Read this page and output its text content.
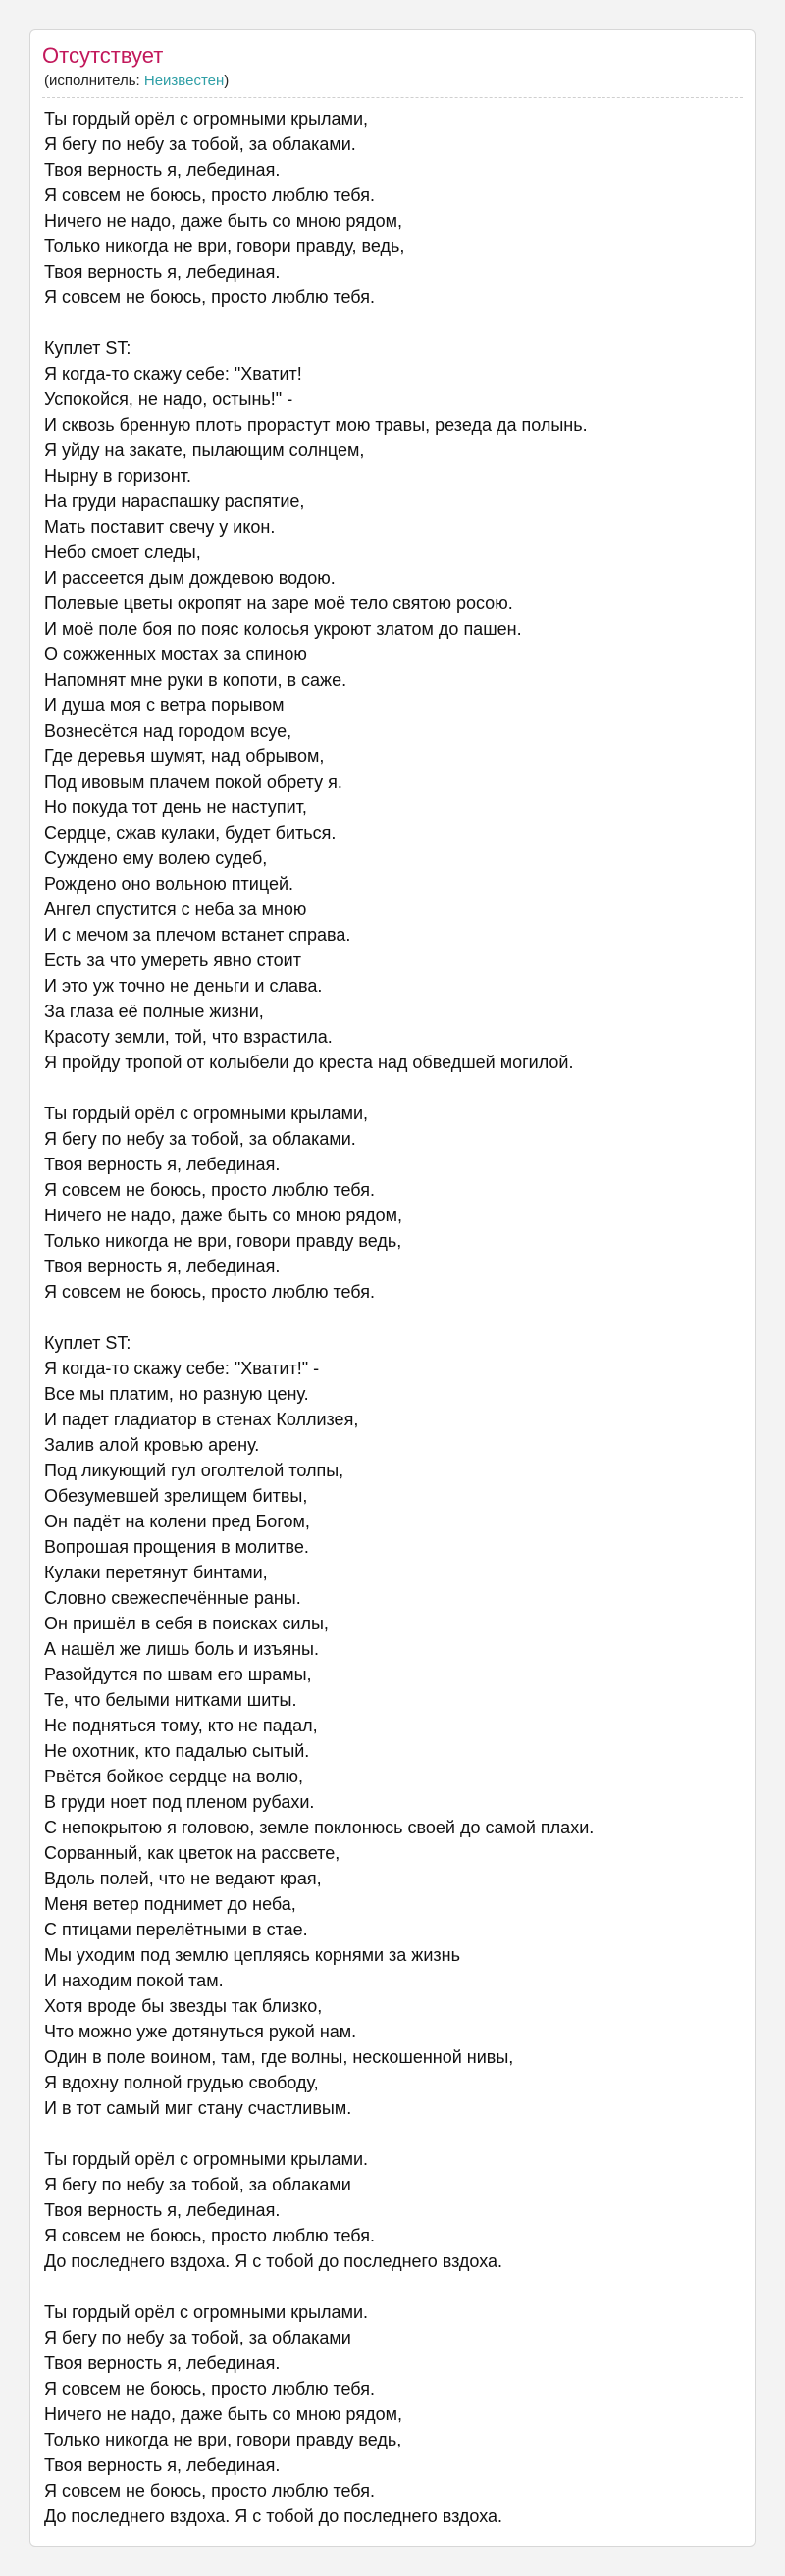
Отсутствует
(исполнитель: Неизвестен)
Ты гордый орёл с огромными крылами,
Я бегу по небу за тобой, за облаками.
Твоя верность я, лебединая.
Я совсем не боюсь, просто люблю тебя.
Ничего не надо, даже быть со мною рядом,
Только никогда не ври, говори правду, ведь,
Твоя верность я, лебединая.
Я совсем не боюсь, просто люблю тебя.
Куплет ST:
Я когда-то скажу себе: "Хватит!
Успокойся, не надо, остынь!" -
И сквозь бренную плоть прорастут мою травы, резеда да полынь.
Я уйду на закате, пылающим солнцем,
Нырну в горизонт.
На груди нараспашку распятие,
Мать поставит свечу у икон.
Небо смоет следы,
И рассеется дым дождевою водою.
Полевые цветы окропят на заре моё тело святою росою.
И моё поле боя по пояс колосья укроют златом до пашен.
О сожженных мостах за спиною
Напомнят мне руки в копоти, в саже.
И душа моя с ветра порывом
Вознесётся над городом всуе,
Где деревья шумят, над обрывом,
Под ивовым плачем покой обрету я.
Но покуда тот день не наступит,
Сердце, сжав кулаки, будет биться.
Суждено ему волею судеб,
Рождено оно вольною птицей.
Ангел спустится с неба за мною
И с мечом за плечом встанет справа.
Есть за что умереть явно стоит
И это уж точно не деньги и слава.
За глаза её полные жизни,
Красоту земли, той, что взрастила.
Я пройду тропой от колыбели до креста над обведшей могилой.
Ты гордый орёл с огромными крылами,
Я бегу по небу за тобой, за облаками.
Твоя верность я, лебединая.
Я совсем не боюсь, просто люблю тебя.
Ничего не надо, даже быть со мною рядом,
Только никогда не ври, говори правду ведь,
Твоя верность я, лебединая.
Я совсем не боюсь, просто люблю тебя.
Куплет ST:
Я когда-то скажу себе: "Хватит!" -
Все мы платим, но разную цену.
И падет гладиатор в стенах Коллизея,
Залив алой кровью арену.
Под ликующий гул оголтелой толпы,
Обезумевшей зрелищем битвы,
Он падёт на колени пред Богом,
Вопрошая прощения в молитве.
Кулаки перетянут бинтами,
Словно свежеспечённые раны.
Он пришёл в себя в поисках силы,
А нашёл же лишь боль и изъяны.
Разойдутся по швам его шрамы,
Те, что белыми нитками шиты.
Не подняться тому, кто не падал,
Не охотник, кто падалью сытый.
Рвётся бойкое сердце на волю,
В груди ноет под пленом рубахи.
С непокрытою я головою, земле поклонюсь своей до самой плахи.
Сорванный, как цветок на рассвете,
Вдоль полей, что не ведают края,
Меня ветер поднимет до неба,
С птицами перелётными в стае.
Мы уходим под землю цепляясь корнями за жизнь
И находим покой там.
Хотя вроде бы звезды так близко,
Что можно уже дотянуться рукой нам.
Один в поле воином, там, где волны, нескошенной нивы,
Я вдохну полной грудью свободу,
И в тот самый миг стану счастливым.
Ты гордый орёл с огромными крылами.
Я бегу по небу за тобой, за облаками
Твоя верность я, лебединая.
Я совсем не боюсь, просто люблю тебя.
До последнего вздоха. Я с тобой до последнего вздоха.
Ты гордый орёл с огромными крылами.
Я бегу по небу за тобой, за облаками
Твоя верность я, лебединая.
Я совсем не боюсь, просто люблю тебя.
Ничего не надо, даже быть со мною рядом,
Только никогда не ври, говори правду ведь,
Твоя верность я, лебединая.
Я совсем не боюсь, просто люблю тебя.
До последнего вздоха. Я с тобой до последнего вздоха.
